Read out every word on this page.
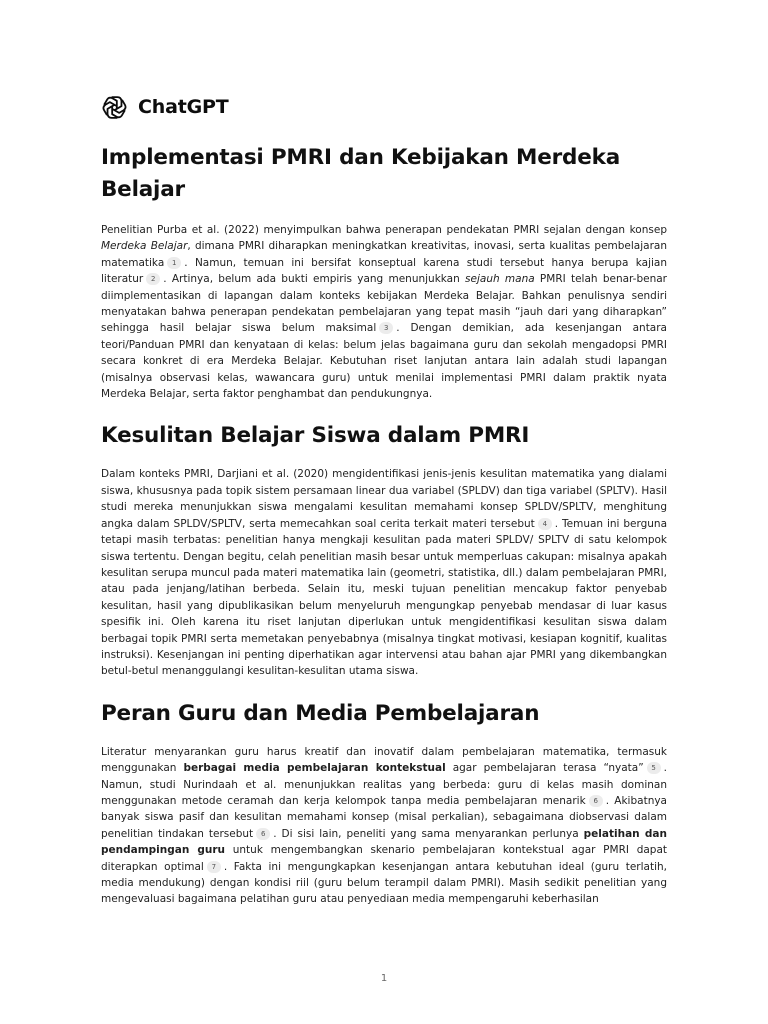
ChatGPT
Implementasi PMRI dan Kebijakan Merdeka Belajar

Penelitian Purba et al. (2022) menyimpulkan bahwa penerapan pendekatan PMRI sejalan dengan konsep Merdeka Belajar, dimana PMRI diharapkan meningkatkan kreativitas, inovasi, serta kualitas pembelajaran matematika 1 . Namun, temuan ini bersifat konseptual karena studi tersebut hanya berupa kajian literatur 2 . Artinya, belum ada bukti empiris yang menunjukkan sejauh mana PMRI telah benar-benar diimplementasikan di lapangan dalam konteks kebijakan Merdeka Belajar. Bahkan penulisnya sendiri menyatakan bahwa penerapan pendekatan pembelajaran yang tepat masih “jauh dari yang diharapkan” sehingga hasil belajar siswa belum maksimal 3 . Dengan demikian, ada kesenjangan antara teori/Panduan PMRI dan kenyataan di kelas: belum jelas bagaimana guru dan sekolah mengadopsi PMRI secara konkret di era Merdeka Belajar. Kebutuhan riset lanjutan antara lain adalah studi lapangan (misalnya observasi kelas, wawancara guru) untuk menilai implementasi PMRI dalam praktik nyata Merdeka Belajar, serta faktor penghambat dan pendukungnya.

Kesulitan Belajar Siswa dalam PMRI

Dalam konteks PMRI, Darjiani et al. (2020) mengidentifikasi jenis-jenis kesulitan matematika yang dialami siswa, khususnya pada topik sistem persamaan linear dua variabel (SPLDV) dan tiga variabel (SPLTV). Hasil studi mereka menunjukkan siswa mengalami kesulitan memahami konsep SPLDV/SPLTV, menghitung angka dalam SPLDV/SPLTV, serta memecahkan soal cerita terkait materi tersebut 4 . Temuan ini berguna tetapi masih terbatas: penelitian hanya mengkaji kesulitan pada materi SPLDV/ SPLTV di satu kelompok siswa tertentu. Dengan begitu, celah penelitian masih besar untuk memperluas cakupan: misalnya apakah kesulitan serupa muncul pada materi matematika lain (geometri, statistika, dll.) dalam pembelajaran PMRI, atau pada jenjang/latihan berbeda. Selain itu, meski tujuan penelitian mencakup faktor penyebab kesulitan, hasil yang dipublikasikan belum menyeluruh mengungkap penyebab mendasar di luar kasus spesifik ini. Oleh karena itu riset lanjutan diperlukan untuk mengidentifikasi kesulitan siswa dalam berbagai topik PMRI serta memetakan penyebabnya (misalnya tingkat motivasi, kesiapan kognitif, kualitas instruksi). Kesenjangan ini penting diperhatikan agar intervensi atau bahan ajar PMRI yang dikembangkan betul-betul menanggulangi kesulitan-kesulitan utama siswa.

Peran Guru dan Media Pembelajaran

Literatur menyarankan guru harus kreatif dan inovatif dalam pembelajaran matematika, termasuk menggunakan berbagai media pembelajaran kontekstual agar pembelajaran terasa “nyata” 5 . Namun, studi Nurindaah et al. menunjukkan realitas yang berbeda: guru di kelas masih dominan menggunakan metode ceramah dan kerja kelompok tanpa media pembelajaran menarik 6 . Akibatnya banyak siswa pasif dan kesulitan memahami konsep (misal perkalian), sebagaimana diobservasi dalam penelitian tindakan tersebut 6 . Di sisi lain, peneliti yang sama menyarankan perlunya pelatihan dan pendampingan guru untuk mengembangkan skenario pembelajaran kontekstual agar PMRI dapat diterapkan optimal 7 . Fakta ini mengungkapkan kesenjangan antara kebutuhan ideal (guru terlatih, media mendukung) dengan kondisi riil (guru belum terampil dalam PMRI). Masih sedikit penelitian yang mengevaluasi bagaimana pelatihan guru atau penyediaan media mempengaruhi keberhasilan

1
